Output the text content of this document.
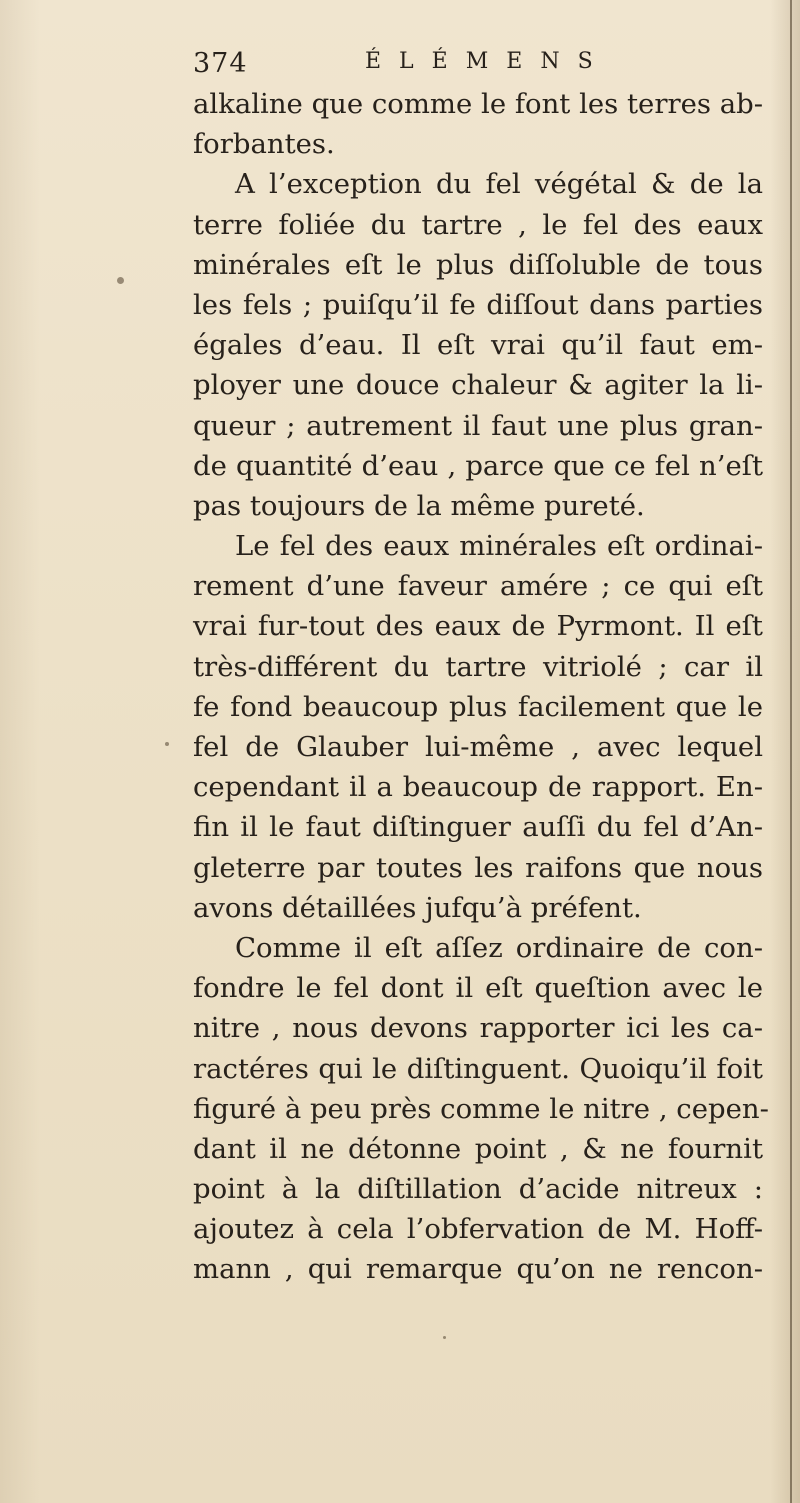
374	ÉLÉMENS
alkaline que comme le font les terres ab-
forbantes.
A l’exception du fel végétal & de la
terre foliée du tartre , le fel des eaux
minérales eſt le plus diſſoluble de tous
les fels ; puiſqu’il fe diſſout dans parties
égales d’eau. Il eſt vrai qu’il faut em-
ployer une douce chaleur & agiter la li-
queur ; autrement il faut une plus gran-
de quantité d’eau , parce que ce fel n’eſt
pas toujours de la même pureté.
Le fel des eaux minérales eſt ordinai-
rement d’une faveur amére ; ce qui eſt
vrai fur-tout des eaux de Pyrmont. Il eſt
très-différent du tartre vitriolé ; car il
fe fond beaucoup plus facilement que le
fel de Glauber lui-même , avec lequel
cependant il a beaucoup de rapport. En-
fin il le faut diſtinguer auſſi du fel d’An-
gleterre par toutes les raifons que nous
avons détaillées jufqu’à préfent.
Comme il eſt aſſez ordinaire de con-
fondre le fel dont il eſt queſtion avec le
nitre , nous devons rapporter ici les ca-
ractéres qui le diſtinguent. Quoiqu’il foit
figuré à peu près comme le nitre , cepen-
dant il ne détonne point , & ne fournit
point à la diſtillation d’acide nitreux :
ajoutez à cela l’obfervation de M. Hoff-
mann , qui remarque qu’on ne rencon-
